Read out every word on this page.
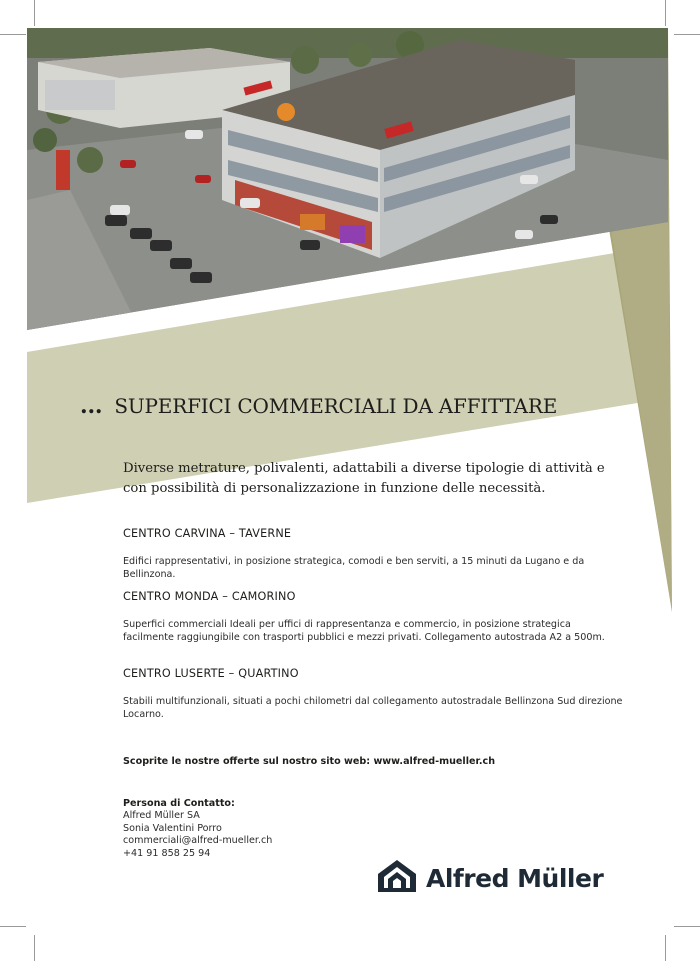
... SUPERFICI COMMERCIALI DA AFFITTARE
Diverse metrature, polivalenti, adattabili a diverse tipologie di attività e con possibilità di personalizzazione in funzione delle necessità.
CENTRO CARVINA – TAVERNE

Edifici rappresentativi, in posizione strategica, comodi e ben serviti, a 15 minuti da Lugano e da Bellinzona.

CENTRO MONDA – CAMORINO

Superfici commerciali Ideali per uffici di rappresentanza e commercio, in posizione strategica facilmente raggiungibile con trasporti pubblici e mezzi privati. Collegamento autostrada A2 a 500m.

CENTRO LUSERTE – QUARTINO

Stabili multifunzionali, situati a pochi chilometri dal collegamento autostradale Bellinzona Sud direzione Locarno.

Scoprite le nostre offerte sul nostro sito web: www.alfred-mueller.ch
Persona di Contatto:
Alfred Müller SA
Sonia Valentini Porro
commerciali@alfred-mueller.ch
+41 91 858 25 94
Alfred Müller
